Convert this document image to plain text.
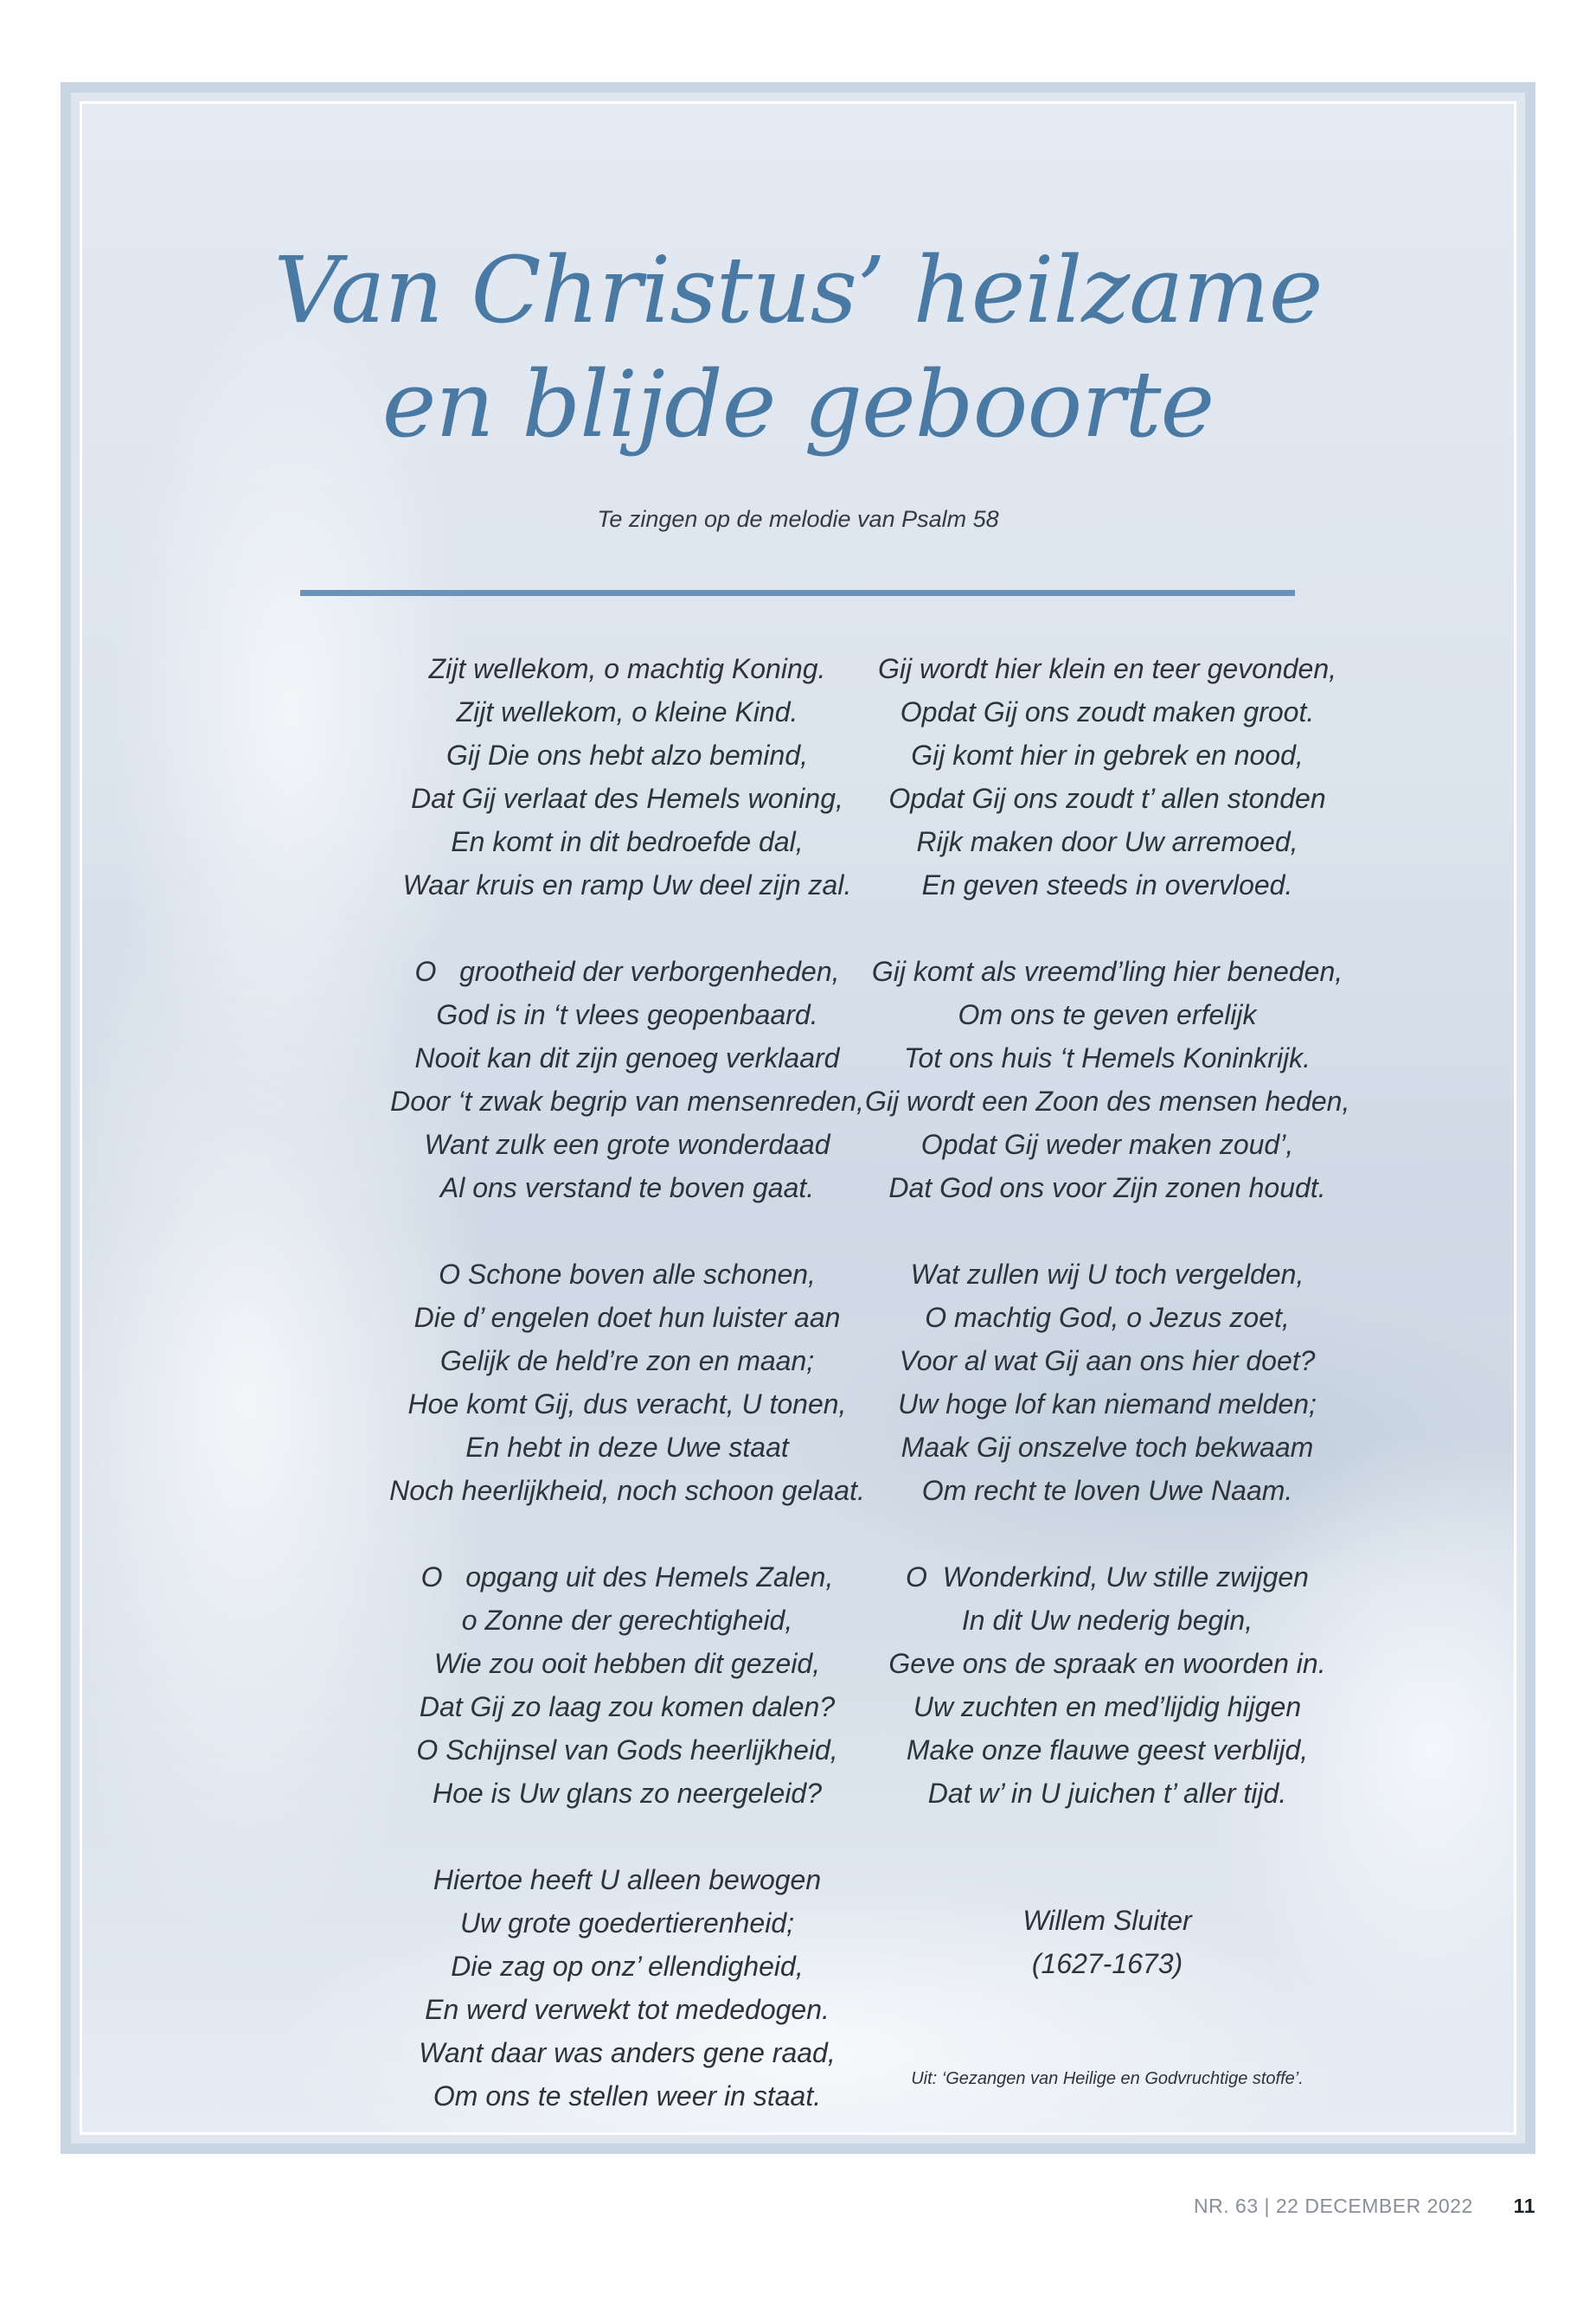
Van Christus’ heilzame
en blijde geboorte
Te zingen op de melodie van Psalm 58
Zijt wellekom, o machtig Koning.
Zijt wellekom, o kleine Kind.
Gij Die ons hebt alzo bemind,
Dat Gij verlaat des Hemels woning,
En komt in dit bedroefde dal,
Waar kruis en ramp Uw deel zijn zal.
O   grootheid der verborgenheden,
God is in ‘t vlees geopenbaard.
Nooit kan dit zijn genoeg verklaard
Door ‘t zwak begrip van mensenreden,
Want zulk een grote wonderdaad
Al ons verstand te boven gaat.
O Schone boven alle schonen,
Die d’ engelen doet hun luister aan
Gelijk de held’re zon en maan;
Hoe komt Gij, dus veracht, U tonen,
En hebt in deze Uwe staat
Noch heerlijkheid, noch schoon gelaat.
O   opgang uit des Hemels Zalen,
o Zonne der gerechtigheid,
Wie zou ooit hebben dit gezeid,
Dat Gij zo laag zou komen dalen?
O Schijnsel van Gods heerlijkheid,
Hoe is Uw glans zo neergeleid?
Hiertoe heeft U alleen bewogen
Uw grote goedertierenheid;
Die zag op onz’ ellendigheid,
En werd verwekt tot mededogen.
Want daar was anders gene raad,
Om ons te stellen weer in staat.
Gij wordt hier klein en teer gevonden,
Opdat Gij ons zoudt maken groot.
Gij komt hier in gebrek en nood,
Opdat Gij ons zoudt t’ allen stonden
Rijk maken door Uw arremoed,
En geven steeds in overvloed.
Gij komt als vreemd’ling hier beneden,
Om ons te geven erfelijk
Tot ons huis ‘t Hemels Koninkrijk.
Gij wordt een Zoon des mensen heden,
Opdat Gij weder maken zoud’,
Dat God ons voor Zijn zonen houdt.
Wat zullen wij U toch vergelden,
O machtig God, o Jezus zoet,
Voor al wat Gij aan ons hier doet?
Uw hoge lof kan niemand melden;
Maak Gij onszelve toch bekwaam
Om recht te loven Uwe Naam.
O  Wonderkind, Uw stille zwijgen
In dit Uw nederig begin,
Geve ons de spraak en woorden in.
Uw zuchten en med’lijdig hijgen
Make onze flauwe geest verblijd,
Dat w’ in U juichen t’ aller tijd.
Willem Sluiter
(1627-1673)
Uit: ‘Gezangen van Heilige en Godvruchtige stoffe’.
NR. 63 | 22 DECEMBER 2022 11
